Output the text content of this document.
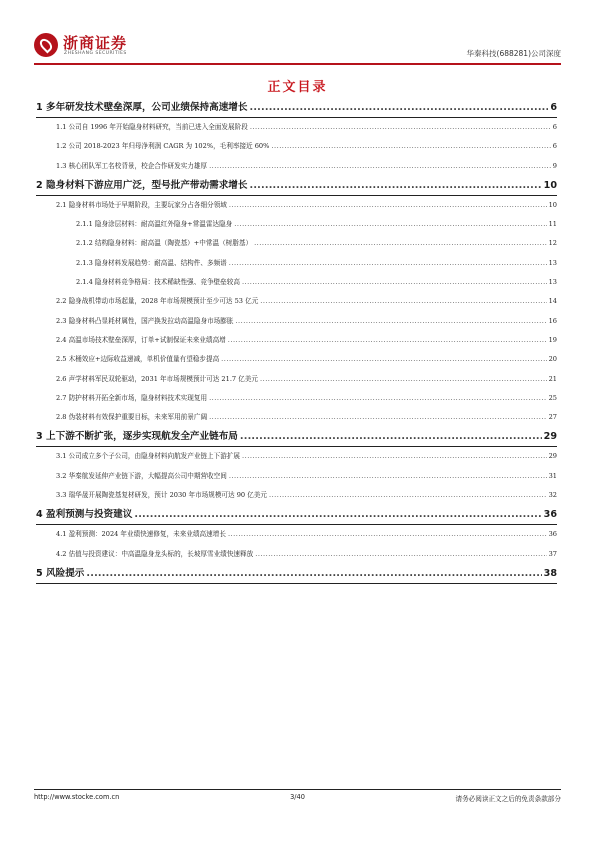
浙商证券
ZHESHANG SECURITIES	华秦科技(688281)公司深度
正文目录
1 多年研发技术壁垒深厚，公司业绩保持高速增长 .....	6
1.1 公司自 1996 年开始隐身材料研究，当前已进入全面发展阶段 .....	6
1.2 公司 2018-2023 年归母净利润 CAGR 为 102%，毛利率接近 60% .....	6
1.3 核心团队军工名校背景，校企合作研发实力雄厚 .....	9
2 隐身材料下游应用广泛，型号批产带动需求增长 .....	10
2.1 隐身材料市场处于早期阶段，主要玩家分占各细分领域 .....	10
2.1.1 隐身涂层材料：耐高温红外隐身+常温雷达隐身 .....	11
2.1.2 结构隐身材料：耐高温（陶瓷基）+中常温（树脂基） .....	12
2.1.3 隐身材料发展趋势：耐高温、结构件、多频谱 .....	13
2.1.4 隐身材料竞争格局：技术稀缺性强、竞争壁垒较高 .....	13
2.2 隐身战机带动市场起量，2028 年市场规模预计至少可达 53 亿元 .....	14
2.3 隐身材料凸显耗材属性，国产换发拉动高温隐身市场膨胀 .....	16
2.4 高温市场技术壁垒深厚，订单+试制保证未来业绩高增 .....	19
2.5 木桶效应+边际收益递减，单机价值量有望稳步提高 .....	20
2.6 声学材料军民双轮驱动，2031 年市场规模预计可达 21.7 亿美元 .....	21
2.7 防护材料开拓全新市场，隐身材料技术实现复用 .....	25
2.8 伪装材料有效保护重要目标，未来军用前景广阔 .....	27
3 上下游不断扩张，逐步实现航发全产业链布局 .....	29
3.1 公司成立多个子公司，由隐身材料向航发产业链上下游扩展 .....	29
3.2 华秦航发延伸产业链下游，大幅提高公司中期营收空间 .....	31
3.3 瑞华晟开展陶瓷基复材研发，预计 2030 年市场规模可达 90 亿美元 .....	32
4 盈利预测与投资建议 .....	36
4.1 盈利预测：2024 年业绩快速修复，未来业绩高速增长 .....	36
4.2 估值与投资建议：中高温隐身龙头标的，长坡厚雪业绩快速释放 .....	37
5 风险提示 .....	38
http://www.stocke.com.cn	3/40	请务必阅读正文之后的免责条款部分
